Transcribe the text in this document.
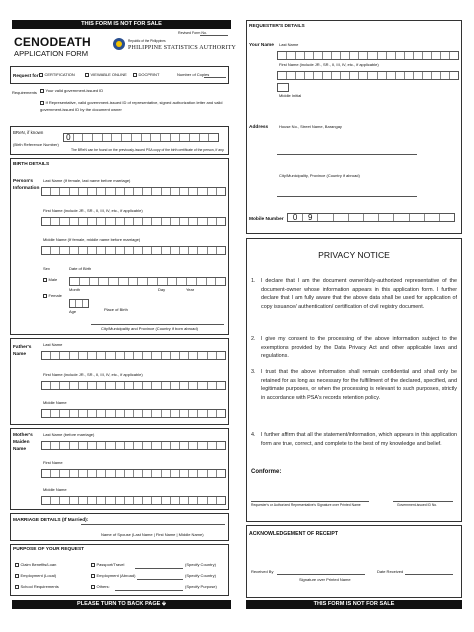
THIS FORM IS NOT FOR SALE
Revised Form No.
CENODEATH
APPLICATION FORM
Republic of the Philippines
PHILIPPINE STATISTICS AUTHORITY
Request for	CERTIFICATION	VIEWABLE ONLINE	DOCPRINT	Number of Copies
Requirements	Your valid government-issued ID
If Representative, valid government-issued ID of representative, signed authorization letter and valid government-issued ID by the document owner
BReN, if known
(Birth Reference Number)
0
The BReN can be found on the previously-issued PSA copy of the birth certificate of the person, if any.
BIRTH DETAILS
Person's
Information
Last Name (If female, last name before marriage)
First Name (include JR., SR., II, III, IV, etc., if applicable)
Middle Name (If female, middle name before marriage)
Sex
Male
Female
Date of Birth
Month	Day	Year
Age	Place of Birth
City/Municipality and Province (Country if born abroad)
Father's
Name
Last Name
First Name (include JR., SR., II, III, IV, etc., if applicable)
Middle Name
Mother's
Maiden
Name
Last Name (before marriage)
First Name
Middle Name
MARRIAGE DETAILS (If Married):
Name of Spouse (Last Name | First Name | Middle Name)
PURPOSE OF YOUR REQUEST
Claim Benefits/Loan
Employment (Local)
School Requirements
Passport/Travel
Employment (Abroad)
Others:
(Specify Country)
(Specify Country)
(Specify Purpose)
PLEASE TURN TO BACK PAGE 🡻
REQUESTER'S DETAILS
Your Name Last Name
First Name (include JR., SR., II, III, IV, etc., if applicable)
Middle Initial
Address	House No., Street Name, Barangay
City/Municipality, Province (Country if abroad)
Mobile Number	0	9
PRIVACY NOTICE
1. I declare that I am the document owner/duly-authorized representative of the document-owner whose information appears in this application form. I further declare that I am fully aware that the above data shall be used for application of copy issuance/ authentication/ certification of civil registry document.
2. I give my consent to the processing of the above information subject to the exemptions provided by the Data Privacy Act and other applicable laws and regulations.
3. I trust that the above information shall remain confidential and shall only be retained for as long as necessary for the fulfillment of the declared, specified, and legitimate purposes, or when the processing is relevant to such purposes, strictly in accordance with PSA's records retention policy.
4. I further affirm that all the statement/information, which appears in this application form are true, correct, and complete to the best of my knowledge and belief.
Conforme:
Requester's or Authorized Representative's Signature over Printed Name	Government-issued ID No.
ACKNOWLEDGEMENT OF RECEIPT
Received By
Signature over Printed Name
Date Received
THIS FORM IS NOT FOR SALE
